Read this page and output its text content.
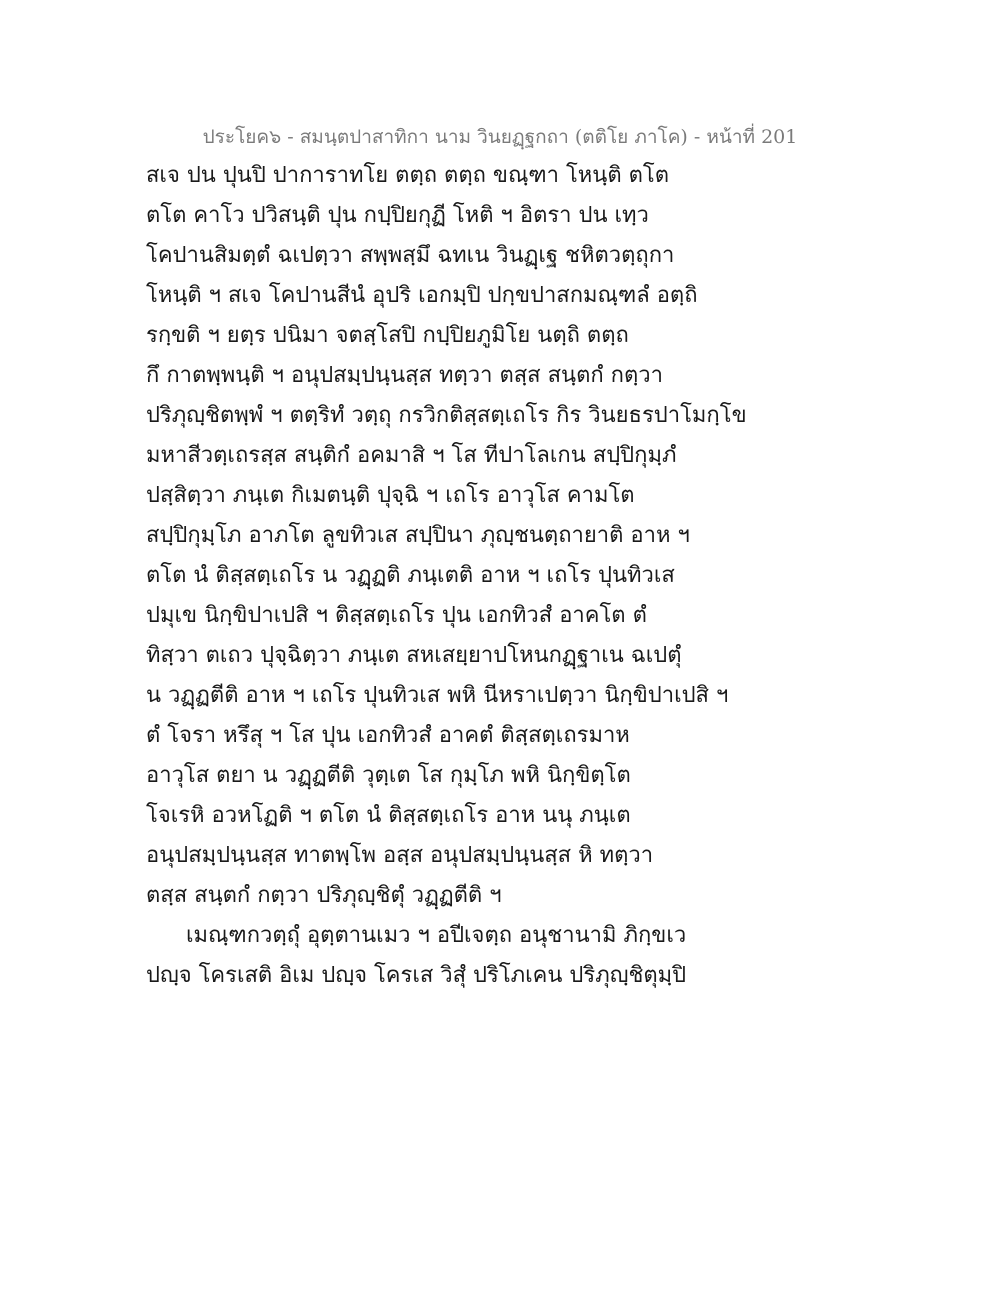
ประโยค๖ - สมนฺตปาสาทิกา นาม วินยฏฺฐกถา (ตติโย ภาโค) - หน้าที่ 201
สเจ ปน ปุนปิ ปาการาทโย ตตฺถ ตตฺถ ขณฺฑา โหนฺติ ตโต
ตโต คาโว ปวิสนฺติ ปุน กปฺปิยกุฏี โหติ ฯ อิตรา ปน เทฺว
โคปานสิมตฺตํ ฉเปตฺวา สพฺพสฺมึ ฉทเน วินฏฺเฐ ชหิตวตฺถุกา
โหนฺติ ฯ สเจ โคปานสีนํ อุปริ เอกมฺปิ ปกฺขปาสกมณฺฑลํ อตฺถิ
รกฺขติ ฯ ยตฺร ปนิมา จตสฺโสปิ กปฺปิยภูมิโย นตฺถิ ตตฺถ
กึ กาตพฺพนฺติ ฯ อนุปสมฺปนฺนสฺส ทตฺวา ตสฺส สนฺตกํ กตฺวา
ปริภุญฺชิตพฺพํ ฯ ตตฺริทํ วตฺถุ กรวิกติสฺสตฺเถโร กิร วินยธรปาโมกฺโข
มหาสีวตฺเถรสฺส สนฺติกํ อคมาสิ ฯ โส ทีปาโลเกน สปฺปิกุมฺภํ
ปสฺสิตฺวา ภนฺเต กิเมตนฺติ ปุจฺฉิ ฯ เถโร อาวุโส คามโต
สปฺปิกุมฺโภ อาภโต ลูขทิวเส สปฺปินา ภุญฺชนตฺถายาติ อาห ฯ
ตโต นํ ติสฺสตฺเถโร น วฏฺฏติ ภนฺเตติ อาห ฯ เถโร ปุนทิวเส
ปมุเข นิกฺขิปาเปสิ ฯ ติสฺสตฺเถโร ปุน เอกทิวสํ อาคโต ตํ
ทิสฺวา ตเถว ปุจฺฉิตฺวา ภนฺเต สหเสยฺยาปโหนกฏฺฐาเน ฉเปตุํ
น วฏฺฏตีติ อาห ฯ เถโร ปุนทิวเส พหิ นีหราเปตฺวา นิกฺขิปาเปสิ ฯ
ตํ โจรา หรึสุ ฯ โส ปุน เอกทิวสํ อาคตํ ติสฺสตฺเถรมาห
อาวุโส ตยา น วฏฺฏตีติ วุตฺเต โส กุมฺโภ พหิ นิกฺขิตฺโต
โจเรหิ อวหโฏติ ฯ ตโต นํ ติสฺสตฺเถโร อาห นนุ ภนฺเต
อนุปสมฺปนฺนสฺส ทาตพฺโพ อสฺส อนุปสมฺปนฺนสฺส หิ ทตฺวา
ตสฺส สนฺตกํ กตฺวา ปริภุญฺชิตุํ วฏฺฏตีติ ฯ
เมณฺฑกวตฺถุํ อุตฺตานเมว ฯ อปีเจตฺถ อนุชานามิ ภิกฺขเว
ปญฺจ โครเสติ อิเม ปญฺจ โครเส วิสุํ ปริโภเคน ปริภุญฺชิตุมฺปิ
